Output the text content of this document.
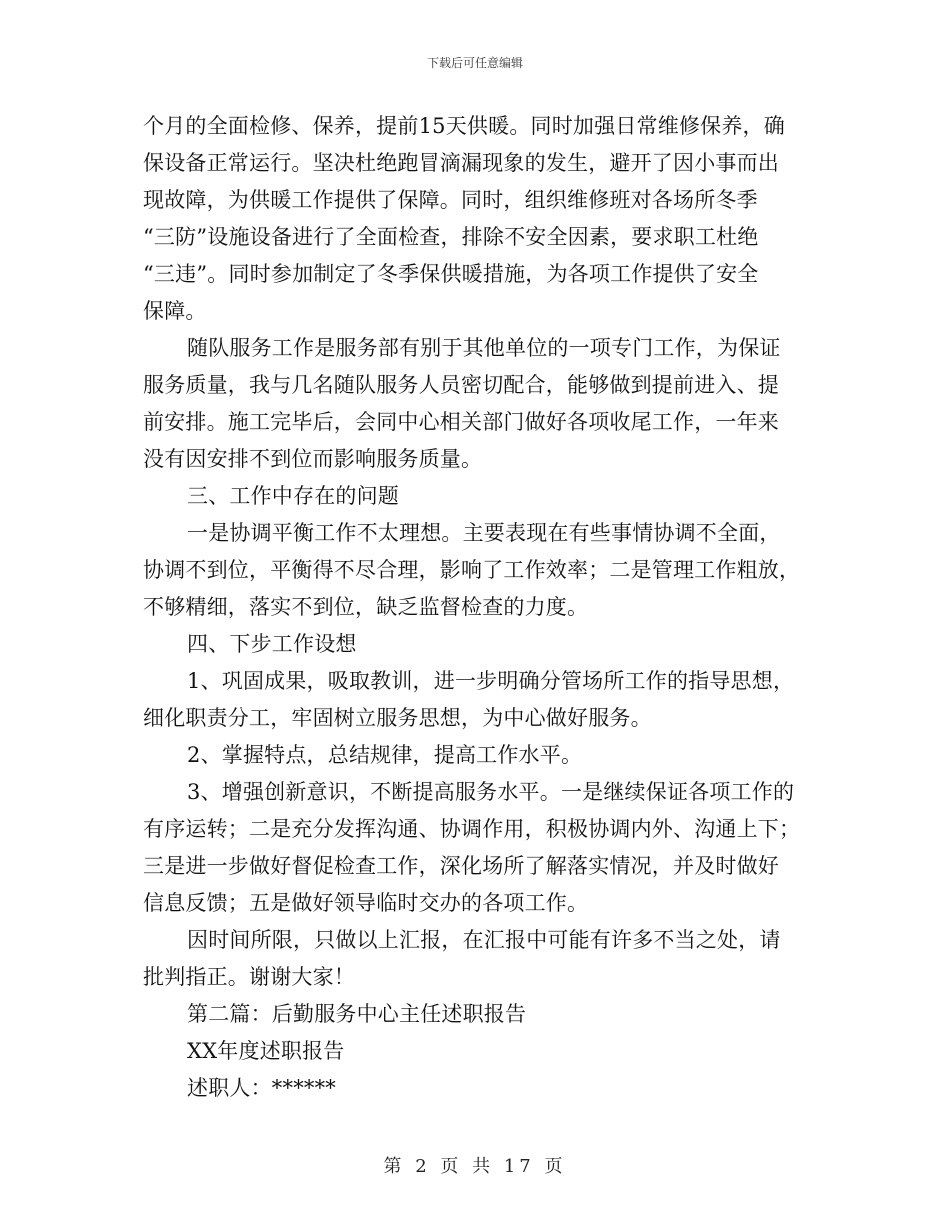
下载后可任意编辑
个月的全面检修、保养，提前15天供暖。同时加强日常维修保养，确
保设备正常运行。坚决杜绝跑冒滴漏现象的发生，避开了因小事而出
现故障，为供暖工作提供了保障。同时，组织维修班对各场所冬季
“三防”设施设备进行了全面检查，排除不安全因素，要求职工杜绝
“三违”。同时参加制定了冬季保供暖措施，为各项工作提供了安全
保障。
随队服务工作是服务部有别于其他单位的一项专门工作，为保证
服务质量，我与几名随队服务人员密切配合，能够做到提前进入、提
前安排。施工完毕后，会同中心相关部门做好各项收尾工作，一年来
没有因安排不到位而影响服务质量。
三、工作中存在的问题
一是协调平衡工作不太理想。主要表现在有些事情协调不全面，
协调不到位，平衡得不尽合理，影响了工作效率；二是管理工作粗放，
不够精细，落实不到位，缺乏监督检查的力度。
四、下步工作设想
1、巩固成果，吸取教训，进一步明确分管场所工作的指导思想，
细化职责分工，牢固树立服务思想，为中心做好服务。
2、掌握特点，总结规律，提高工作水平。
3、增强创新意识，不断提高服务水平。一是继续保证各项工作的
有序运转；二是充分发挥沟通、协调作用，积极协调内外、沟通上下；
三是进一步做好督促检查工作，深化场所了解落实情况，并及时做好
信息反馈；五是做好领导临时交办的各项工作。
因时间所限，只做以上汇报，在汇报中可能有许多不当之处，请
批判指正。谢谢大家！
第二篇：后勤服务中心主任述职报告
XX年度述职报告
述职人：******
第 2 页 共 17 页
